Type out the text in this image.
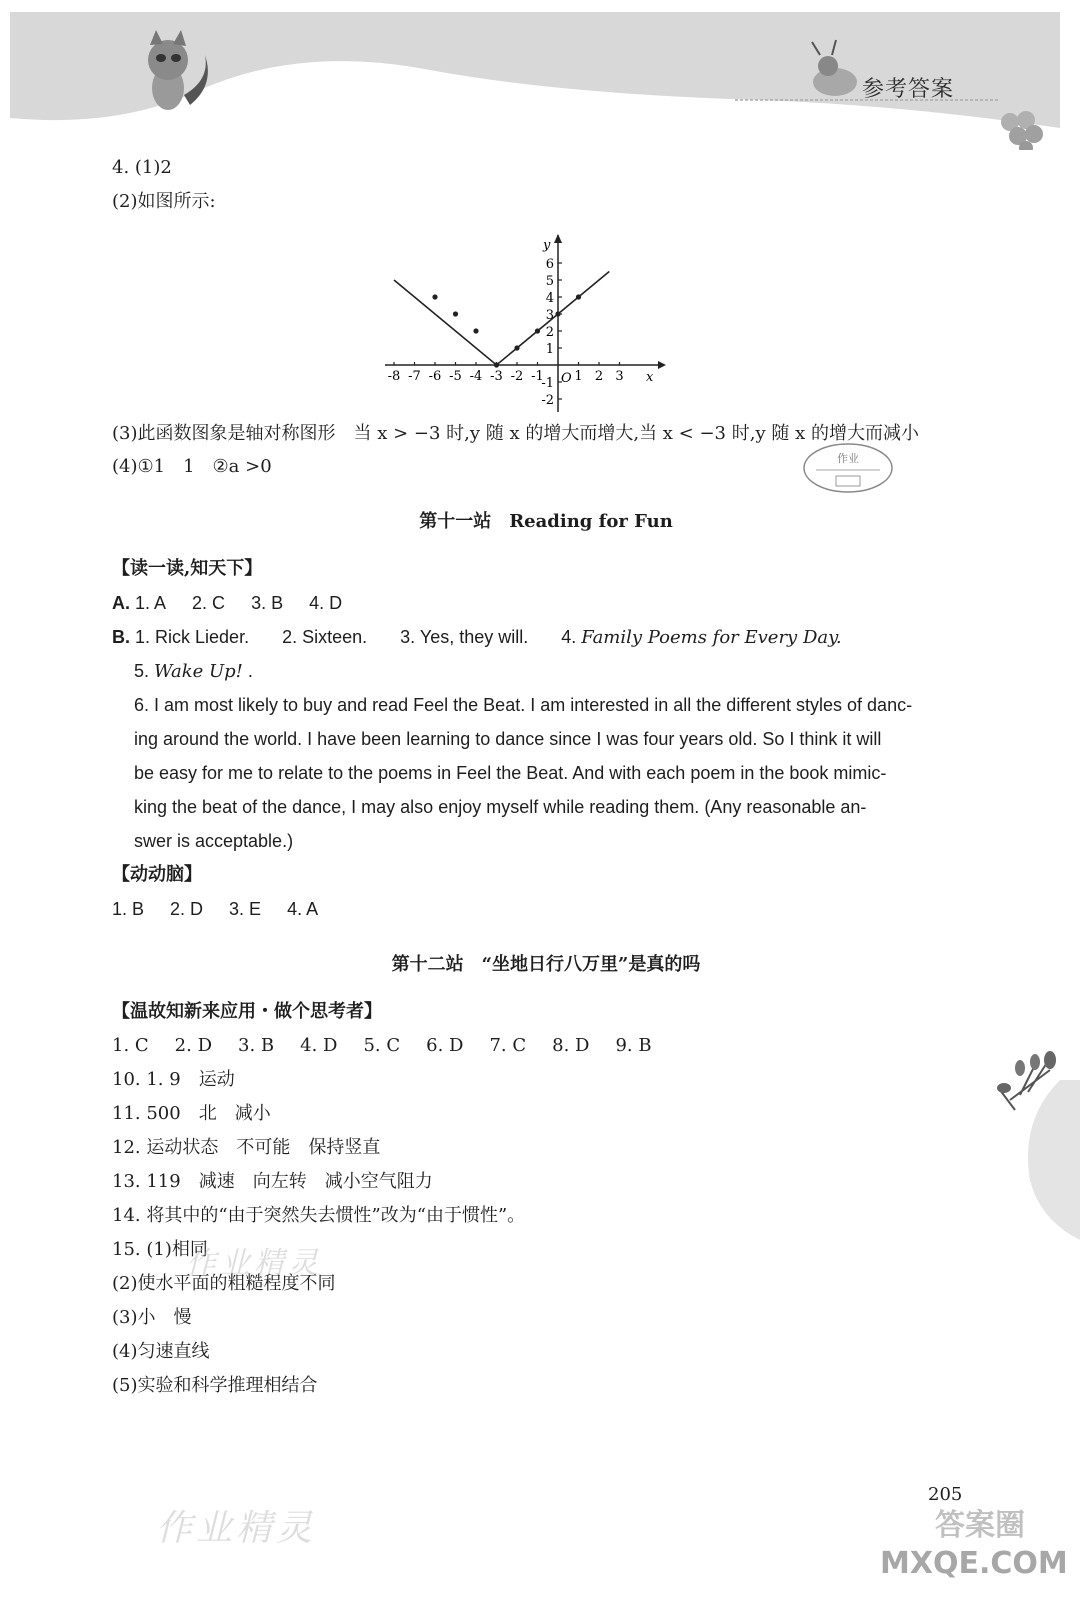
参考答案
4. (1)2
(2)如图所示:
-8 -7 -6 -5 -4 -3 -2 -1 1 2 3
6
5
4
3
2
1
-1
-2
x
y
O
(3)此函数图象是轴对称图形　当 x > −3 时,y 随 x 的增大而增大,当 x < −3 时,y 随 x 的增大而减小
(4)①1　1　②a >0	作业
第十一站　Reading for Fun
【读一读,知天下】
A. 1. A 2. C 3. B 4. D
B. 1. Rick Lieder. 2. Sixteen. 3. Yes, they will. 4. Family Poems for Every Day.
5. Wake Up! .
6. I am most likely to buy and read Feel the Beat. I am interested in all the different styles of danc-
ing around the world. I have been learning to dance since I was four years old. So I think it will
be easy for me to relate to the poems in Feel the Beat. And with each poem in the book mimic-
king the beat of the dance, I may also enjoy myself while reading them. (Any reasonable an-
swer is acceptable.)
【动动脑】
1. B 2. D 3. E 4. A
第十二站　“坐地日行八万里”是真的吗
【温故知新来应用・做个思考者】
1. C 2. D 3. B 4. D 5. C 6. D 7. C 8. D 9. B
10. 1. 9　运动
11. 500　北　减小
12. 运动状态　不可能　保持竖直
13. 119　减速　向左转　减小空气阻力
14. 将其中的“由于突然失去惯性”改为“由于惯性”。
15. (1)相同
(2)使水平面的粗糙程度不同
(3)小　慢
(4)匀速直线
(5)实验和科学推理相结合
作业精灵
作业精灵
205
答案圈
MXQE.COM
